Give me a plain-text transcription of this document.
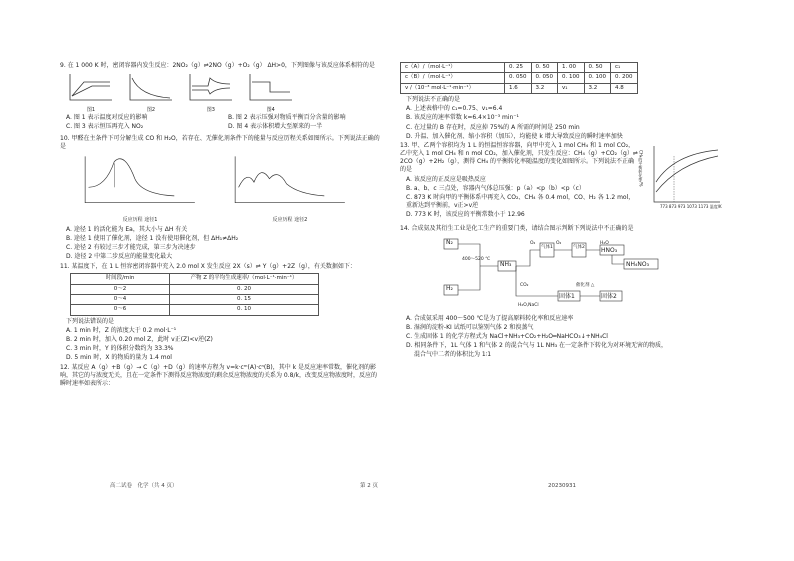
9. 在 1 000 K 时，密闭容器内发生反应：2NO₂（g）⇌2NO（g）+O₂（g） ΔH>0，下列图像与该反应体系相符的是
图1
	图2
	图3
	图4
A. 图 1 表示温度对反应的影响	B. 图 2 表示压强对物质平衡百分含量的影响
C. 图 3 表示恒压再充入 NO₂	D. 图 4 表示体积增大至原来的一半
10. 甲醛在主条件下可分解生成 CO 和 H₂O，若存在、无催化剂条件下的能量与反应历程关系如图所示。下列说法正确的是
反应历程 途径1
	反应历程 途径2
A. 途径 1 的活化能为 Ea，其大小与 ΔH 有关
B. 途径 1 使用了催化剂，途径 1 没有使用催化剂，但 ΔH₁≠ΔH₂
C. 途径 2 有较过三步才能完成，第三步为决速步
D. 途径 2 中第二步反应的能量变化最大
11. 某温度下，在 1 L 恒容密闭容器中充入 2.0 mol X 发生反应 2X（s）⇌ Y（g）+2Z（g），有关数据如下：
时间段/min	产物 Z 的平均生成速率/（mol·L⁻¹·min⁻¹）
0～2	0. 20
0～4	0. 15
0～6	0. 10
下列说法错误的是
A. 1 min 时，Z 的浓度大于 0.2 mol·L⁻¹
B. 2 min 时，加入 0.20 mol Z，此时 v正(Z)<v逆(Z)
C. 3 min 时，Y 的体积分数约为 33.3%
D. 5 min 时，X 的物质的量为 1.4 mol
12. 某反应 A（g）+B（g）→ C（g）+D（g）的速率方程为 v=k·cᵐ(A)·cⁿ(B)，其中 k 是反应速率常数，催化剂的影响，其它的与浓度无关，且在一定条件下测得反应物浓度的剩余反应物浓度的关系为 0.8/k，改变反应物浓度时，反应的瞬时速率如表所示：
c（A）/（mol·L⁻¹）	0. 25	0. 50	1. 00	0. 50	c₁
c（B）/（mol·L⁻¹）	0. 050	0. 050	0. 100	0. 100	0. 200
v /（10⁻³ mol·L⁻¹·min⁻¹）	1.6	3.2	v₁	3.2	4.8
下列说法不正确的是
A. 上述表格中的 c₁=0.75、v₁=6.4
B. 该反应的速率常数 k=6.4×10⁻³ min⁻¹
C. 在过量的 B 存在时，反应掉 75%的 A 所需的时间是 250 min
D. 升温、加入催化剂、缩小容积（加压），均能使 k 增大导致反应的瞬时速率加快
13. 甲、乙两个容积均为 1 L 的恒温恒容容器，向甲中充入 1 mol CH₄ 和 1 mol CO₂，乙中充入 1 mol CH₄ 和 n mol CO₂，加入催化剂，只发生反应：CH₄（g）+CO₂（g）⇌ 2CO（g）+2H₂（g），测得 CH₄ 的平衡转化率随温度的变化如图所示。下列说法不正确的是
A. 该反应的正反应是吸热反应
B. a、b、c 三点处，容器内气体总压强：p（a）<p（b）<p（c）
C. 873 K 时向甲的平衡体系中再充入 CO₂、CH₄ 各 0.4 mol，CO、H₂ 各 1.2 mol，重新达到平衡前，v正>v逆
D. 773 K 时，该反应的平衡常数小于 12.96
773 873 973 1073 1173 温度/K
CH₄的平衡转化率/%
14. 合成氨及其衍生工业是化工生产的重要门类，请结合图示判断下列说法中不正确的是
N₂
H₂
400～520 ℃
NH₃
O₂	O₂
气体1	气体2
H₂O
HNO₃
NH₄NO₃
固体1	固体2
CO₂
H₂O,NaCl
催化剂 △
A. 合成氨采用 400～500 ℃是为了提高原料转化率和反应速率
B. 湿润的淀粉-KI 试纸可以鉴别气体 2 和溴蒸气
C. 生成固体 1 的化学方程式为 NaCl+NH₃+CO₂+H₂O═NaHCO₃↓+NH₄Cl
D. 相同条件下，1L 气体 1 和气体 2 的混合气与 1L NH₃ 在一定条件下转化为对环境无害的物质，
混合气中二者的体积比为 1∶1
高二试卷　化学（共 4 页）	第 2 页	20230931
